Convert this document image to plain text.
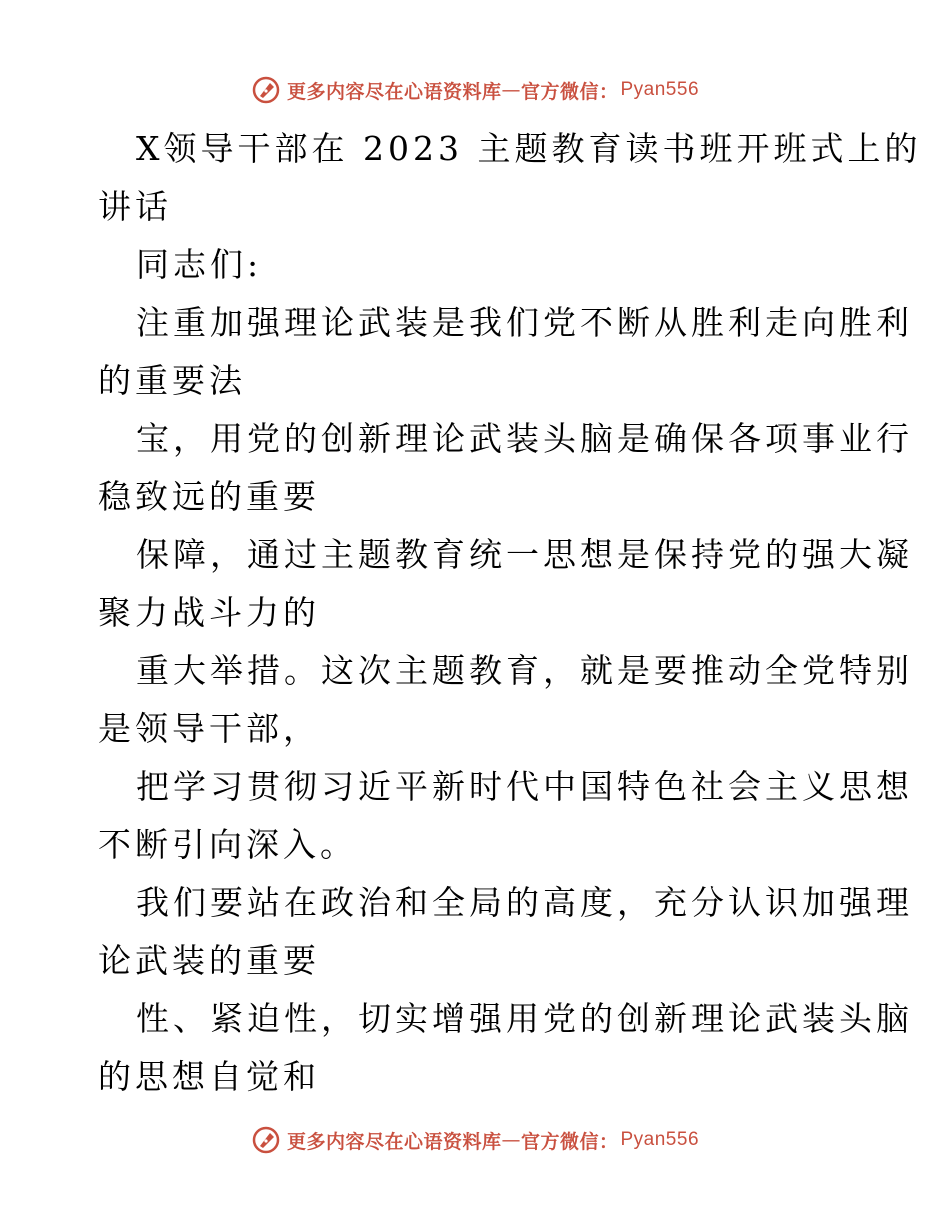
更多内容尽在心语资料库 — 官方微信： Pyan556
X领导干部在 2023 主题教育读书班开班式上的
讲话
同志们:
注重加强理论武装是我们党不断从胜利走向胜利
的重要法
宝，用党的创新理论武装头脑是确保各项事业行
稳致远的重要
保障，通过主题教育统一思想是保持党的强大凝
聚力战斗力的
重大举措。这次主题教育，就是要推动全党特别
是领导干部，
把学习贯彻习近平新时代中国特色社会主义思想
不断引向深入。
我们要站在政治和全局的高度，充分认识加强理
论武装的重要
性、紧迫性，切实增强用党的创新理论武装头脑
的思想自觉和
更多内容尽在心语资料库 — 官方微信： Pyan556
